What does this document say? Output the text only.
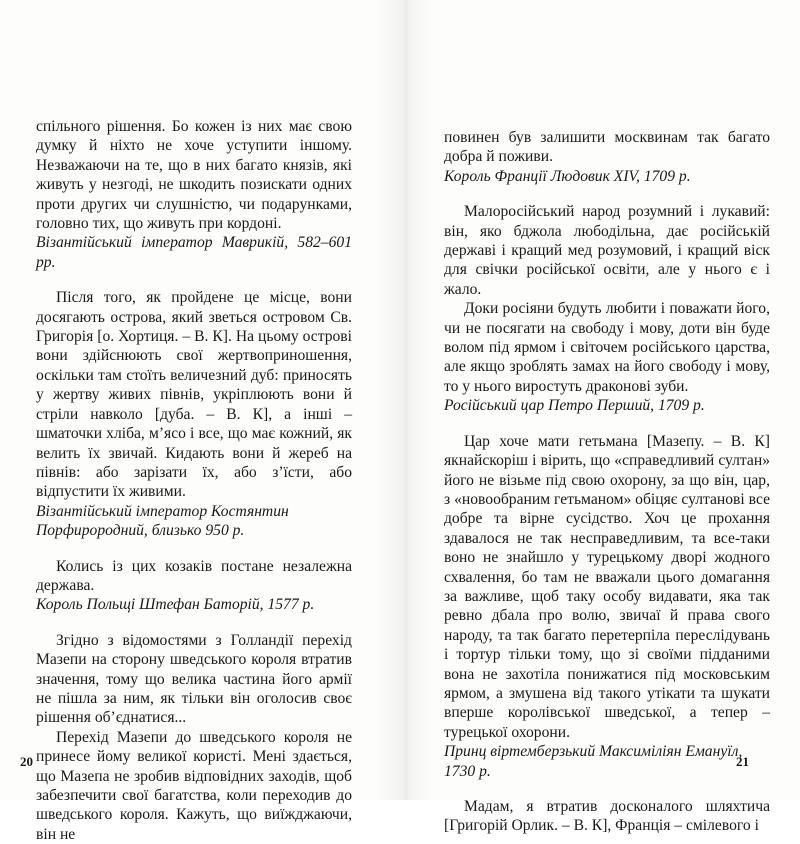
спільного рішення. Бо кожен із них має свою думку й ніхто не хоче уступити іншому. Незважаючи на те, що в них багато князів, які живуть у незгоді, не шкодить позискати одних проти других чи слушністю, чи подарунками, головно тих, що живуть при кордоні.

Візантійський імператор Маврикій, 582–601 рр.

Після того, як пройдене це місце, вони досягають острова, який зветься островом Св. Григорія [о. Хортиця. – В. К]. На цьому острові вони здійснюють свої жертвоприношення, оскільки там стоїть величезний дуб: приносять у жертву живих півнів, укріплюють вони й стріли навколо [дуба. – В. К], а інші – шматочки хліба, м’ясо і все, що має кожний, як велить їх звичай. Кидають вони й жереб на півнів: або зарізати їх, або з’їсти, або відпустити їх живими.

Візантійський імператор Костянтин
Порфирородний, близько 950 р.

Колись із цих козаків постане незалежна держава.

Король Польщі Штефан Баторій, 1577 р.

Згідно з відомостями з Голландії перехід Мазепи на сторону шведського короля втратив значення, тому що велика частина його армії не пішла за ним, як тільки він оголосив своє рішення об’єднатися...

Перехід Мазепи до шведського короля не принесе йому великої користі. Мені здається, що Мазепа не зробив відповідних заходів, щоб забезпечити свої багатства, коли переходив до шведського короля. Кажуть, що виїжджаючи, він не

20

повинен був залишити москвинам так багато добра й поживи.

Король Франції Людовик XIV, 1709 р.

Малоросійський народ розумний і лукавий: він, яко бджола любодільна, дає російській державі і кращий мед розумовий, і кращий віск для свічки російської освіти, але у нього є і жало.

Доки росіяни будуть любити і поважати його, чи не посягати на свободу і мову, доти він буде волом під ярмом і світочем російського царства, але якщо зроблять замах на його свободу і мову, то у нього виростуть драконові зуби.

Російський цар Петро Перший, 1709 р.

Цар хоче мати гетьмана [Мазепу. – В. К] якнайскоріш і вірить, що «справедливий султан» його не візьме під свою охорону, за що він, цар, з «новообраним гетьманом» обіцяє султанові все добре та вірне сусідство. Хоч це прохання здавалося не так несправедливим, та все-таки воно не знайшло у турецькому дворі жодного схвалення, бо там не вважали цього домагання за важливе, щоб таку особу видавати, яка так ревно дбала про волю, звичаї й права свого народу, та так багато перетерпіла переслідувань і тортур тільки тому, що зі своїми підданими вона не захотіла понижатися під московським ярмом, а змушена від такого утікати та шукати вперше королівської шведської, а тепер – турецької охорони.

Принц віртемберзький Максиміліян Емануїл,
1730 р.

Мадам, я втратив досконалого шляхтича [Григорій Орлик. – В. К], Франція – смілевого і

21
